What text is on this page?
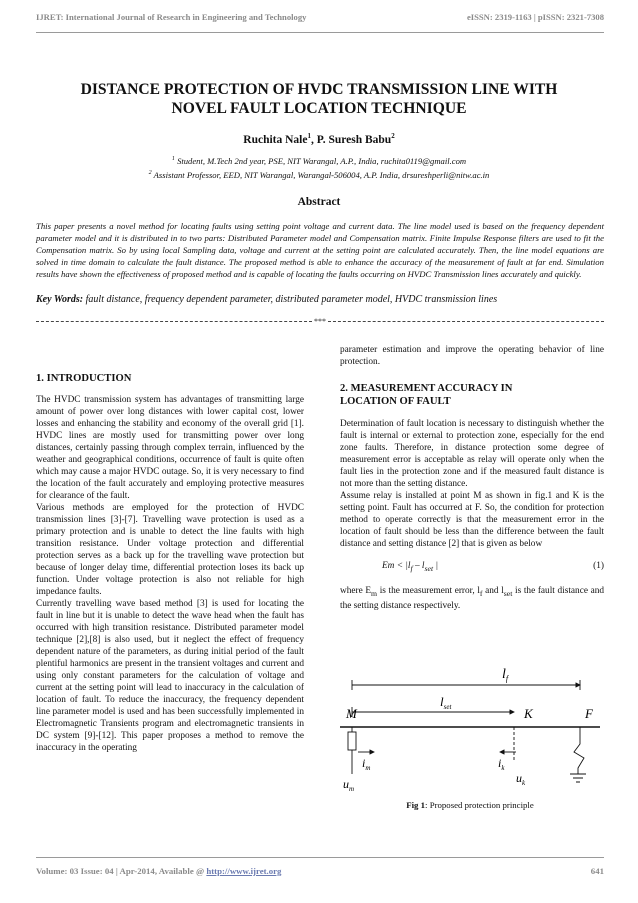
IJRET: International Journal of Research in Engineering and Technology	eISSN: 2319-1163 | pISSN: 2321-7308
DISTANCE PROTECTION OF HVDC TRANSMISSION LINE WITH
NOVEL FAULT LOCATION TECHNIQUE
Ruchita Nale$^1$, P. Suresh Babu$^2$
$^1$ Student, M.Tech 2nd year, PSE, NIT Warangal, A.P., India, ruchita0119@gmail.com
$^2$ Assistant Professor, EED, NIT Warangal, Warangal-506004, A.P. India, drsureshperli@nitw.ac.in
Abstract
This paper presents a novel method for locating faults using setting point voltage and current data. The line model used is based on the frequency dependent parameter model and it is distributed in to two parts: Distributed Parameter model and Compensation matrix. Finite Impulse Response filters are used to fit the Compensation matrix. So by using local Sampling data, voltage and current at the setting point are calculated accurately. Then, the line model equations are solved in time domain to calculate the fault distance. The proposed method is able to enhance the accuracy of the measurement of fault at far end. Simulation results have shown the effectiveness of proposed method and is capable of locating the faults occurring on HVDC Transmission lines accurately and quickly.
Key Words: fault distance, frequency dependent parameter, distributed parameter model, HVDC transmission lines
***

1. INTRODUCTION

The HVDC transmission system has advantages of transmitting large amount of power over long distances with lower capital cost, lower losses and enhancing the stability and economy of the overall grid [1]. HVDC lines are mostly used for transmitting power over long distances, certainly passing through complex terrain, influenced by the weather and geographical conditions, occurrence of fault is quite often which may cause a major HVDC outage. So, it is very necessary to find the location of the fault accurately and employing protective measures for clearance of the fault.

Various methods are employed for the protection of HVDC transmission lines [3]-[7]. Travelling wave protection is used as a primary protection and is unable to detect the line faults with high transition resistance. Under voltage protection and differential protection serves as a back up for the travelling wave protection but because of longer delay time, differential protection loses its back up function. Under voltage protection is also not reliable for high impedance faults.

Currently travelling wave based method [3] is used for locating the fault in line but it is unable to detect the wave head when the fault has occurred with high transition resistance. Distributed parameter model technique [2],[8] is also used, but it neglect the effect of frequency dependent nature of the parameters, as during initial period of the fault plentiful harmonics are present in the transient voltages and current and using only constant parameters for the calculation of voltage and current at the setting point will lead to inaccuracy in the calculation of location of fault. To reduce the inaccuracy, the frequency dependent line parameter model is used and has been successfully implemented in Electromagnetic Transients program and electromagnetic transients in DC system [9]-[12]. This paper proposes a method to remove the inaccuracy in the operating

parameter estimation and improve the operating behavior of line protection.

2. MEASUREMENT ACCURACY IN

LOCATION OF FAULT

Determination of fault location is necessary to distinguish whether the fault is internal or external to protection zone, especially for the end zone faults. Therefore, in distance protection some degree of measurement error is acceptable as relay will operate only when the fault lies in the protection zone and if the measured fault distance is not more than the setting distance.

Assume relay is installed at point M as shown in fig.1 and K is the setting point. Fault has occurred at F. So, the condition for protection method to operate correctly is that the measurement error in the location of fault should be less than the difference between the fault distance and setting distance [2] that is given as below

$Em < |l_f - l_{set}$ |	(1)

where $E_m$ is the measurement error, $l_f$ and $l_{set}$ is the fault distance and the setting distance respectively.

$l_f$
$l_{set}$
M	K	F
$i_m$
$u_m$
$i_k$
$u_k$
Fig 1: Proposed protection principle
Volume: 03 Issue: 04 | Apr-2014, Available @ http://www.ijret.org	641
